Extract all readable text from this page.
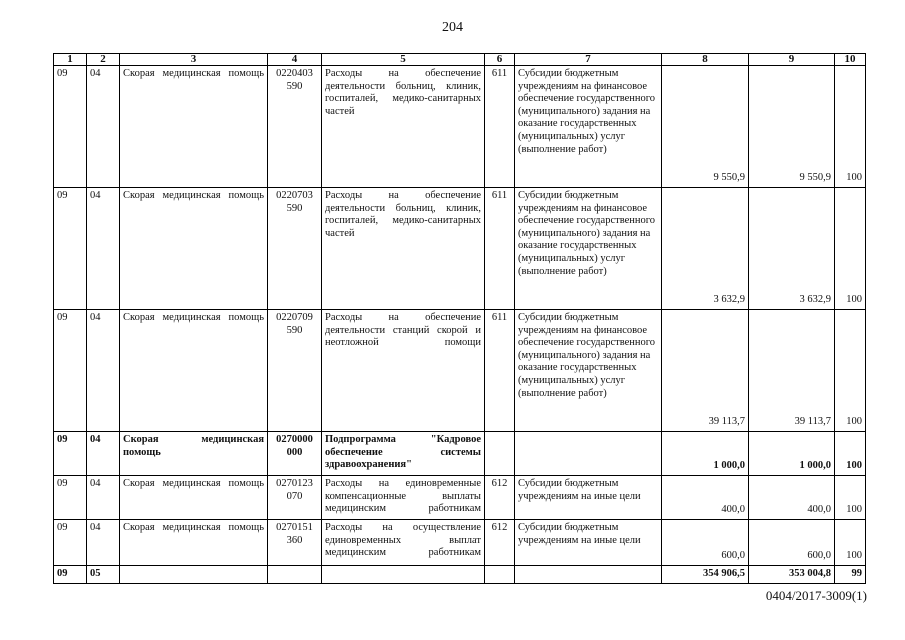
204
1	2	3	4	5	6	7	8	9	10
09	04	Скорая медицинская помощь	0220403 590	Расходы на обеспечение деятельности больниц, клиник, госпиталей, медико-санитарных частей	611	Субсидии бюджетным учреждениям на финансовое обеспечение государственного (муниципального) задания на оказание государственных (муниципальных) услуг (выполнение работ)	9 550,9	9 550,9	100
09	04	Скорая медицинская помощь	0220703 590	Расходы на обеспечение деятельности больниц, клиник, госпиталей, медико-санитарных частей	611	Субсидии бюджетным учреждениям на финансовое обеспечение государственного (муниципального) задания на оказание государственных (муниципальных) услуг (выполнение работ)	3 632,9	3 632,9	100
09	04	Скорая медицинская помощь	0220709 590	Расходы на обеспечение деятельности станций скорой и неотложной помощи	611	Субсидии бюджетным учреждениям на финансовое обеспечение государственного (муниципального) задания на оказание государственных (муниципальных) услуг (выполнение работ)	39 113,7	39 113,7	100
09	04	Скорая медицинская помощь	0270000 000	Подпрограмма "Кадровое обеспечение системы здравоохранения"			1 000,0	1 000,0	100
09	04	Скорая медицинская помощь	0270123 070	Расходы на единовременные компенсационные выплаты медицинским работникам	612	Субсидии бюджетным учреждениям на иные цели	400,0	400,0	100
09	04	Скорая медицинская помощь	0270151 360	Расходы на осуществление единовременных выплат медицинским работникам	612	Субсидии бюджетным учреждениям на иные цели	600,0	600,0	100
09	05						354 906,5	353 004,8	99
0404/2017-3009(1)
